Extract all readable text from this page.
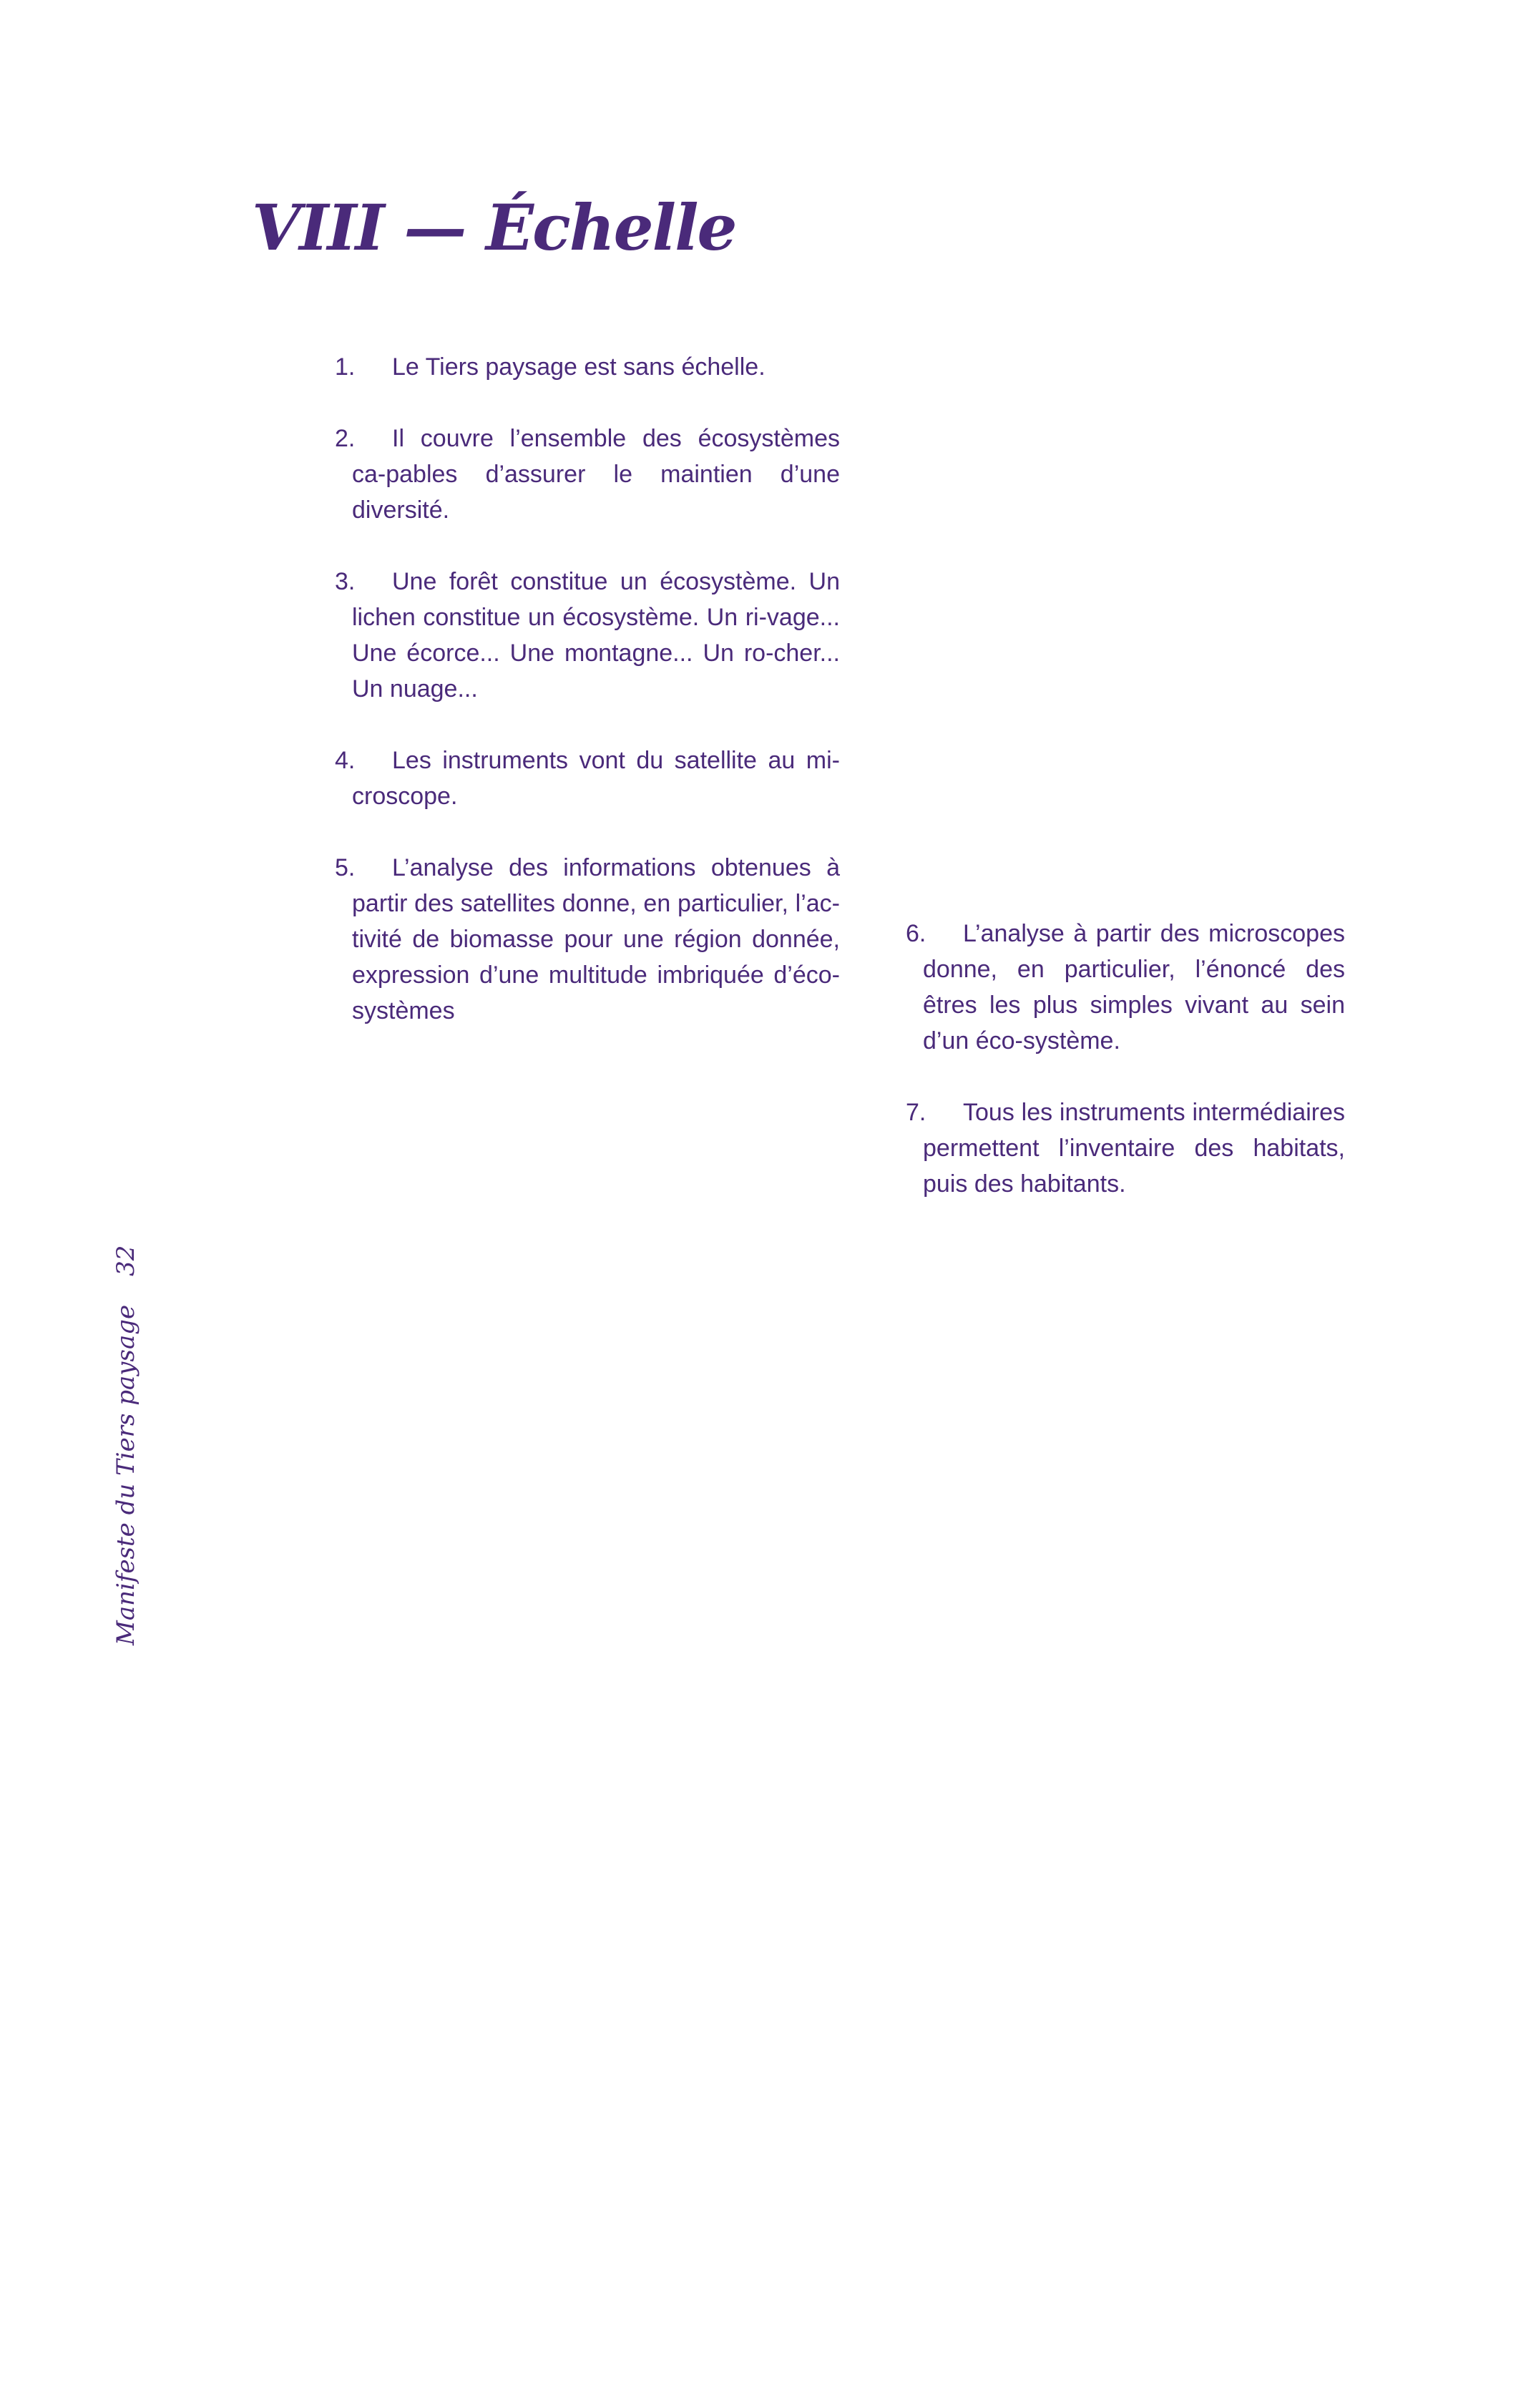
VIII — Échelle

1. Le Tiers paysage est sans échelle.

2. Il couvre l’ensemble des écosystèmes ca-pables d’assurer le maintien d’une diversité.

3. Une forêt constitue un écosystème. Un lichen constitue un écosystème. Un ri-vage... Une écorce... Une montagne... Un ro-cher... Un nuage...

4. Les instruments vont du satellite au mi-croscope.

5. L’analyse des informations obtenues à partir des satellites donne, en particulier, l’ac-tivité de biomasse pour une région donnée, expression d’une multitude imbriquée d’éco-systèmes

6. L’analyse à partir des microscopes donne, en particulier, l’énoncé des êtres les plus simples vivant au sein d’un éco-système.

7. Tous les instruments intermédiaires permettent l’inventaire des habitats, puis des habitants.

Manifeste du Tiers paysage32
